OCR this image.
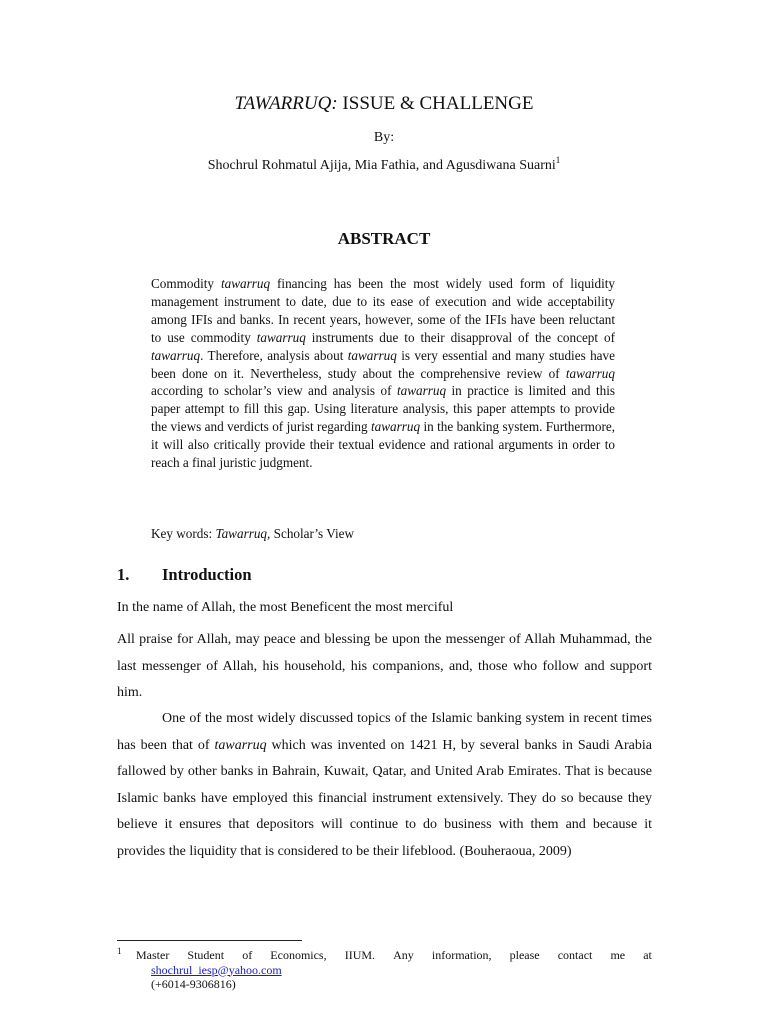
TAWARRUQ: ISSUE & CHALLENGE
By:
Shochrul Rohmatul Ajija, Mia Fathia, and Agusdiwana Suarni$^1$
ABSTRACT
Commodity tawarruq financing has been the most widely used form of liquidity management instrument to date, due to its ease of execution and wide acceptability among IFIs and banks. In recent years, however, some of the IFIs have been reluctant to use commodity tawarruq instruments due to their disapproval of the concept of tawarruq. Therefore, analysis about tawarruq is very essential and many studies have been done on it. Nevertheless, study about the comprehensive review of tawarruq according to scholar’s view and analysis of tawarruq in practice is limited and this paper attempt to fill this gap. Using literature analysis, this paper attempts to provide the views and verdicts of jurist regarding tawarruq in the banking system. Furthermore, it will also critically provide their textual evidence and rational arguments in order to reach a final juristic judgment.
Key words: Tawarruq, Scholar’s View
1. Introduction
In the name of Allah, the most Beneficent the most merciful
All praise for Allah, may peace and blessing be upon the messenger of Allah Muhammad, the last messenger of Allah, his household, his companions, and, those who follow and support him.
One of the most widely discussed topics of the Islamic banking system in recent times has been that of tawarruq which was invented on 1421 H, by several banks in Saudi Arabia fallowed by other banks in Bahrain, Kuwait, Qatar, and United Arab Emirates. That is because Islamic banks have employed this financial instrument extensively. They do so because they believe it ensures that depositors will continue to do business with them and because it provides the liquidity that is considered to be their lifeblood. (Bouheraoua, 2009)
1 Master Student of Economics, IIUM. Any information, please contact me at
shochrul_iesp@yahoo.com
(+6014-9306816)
